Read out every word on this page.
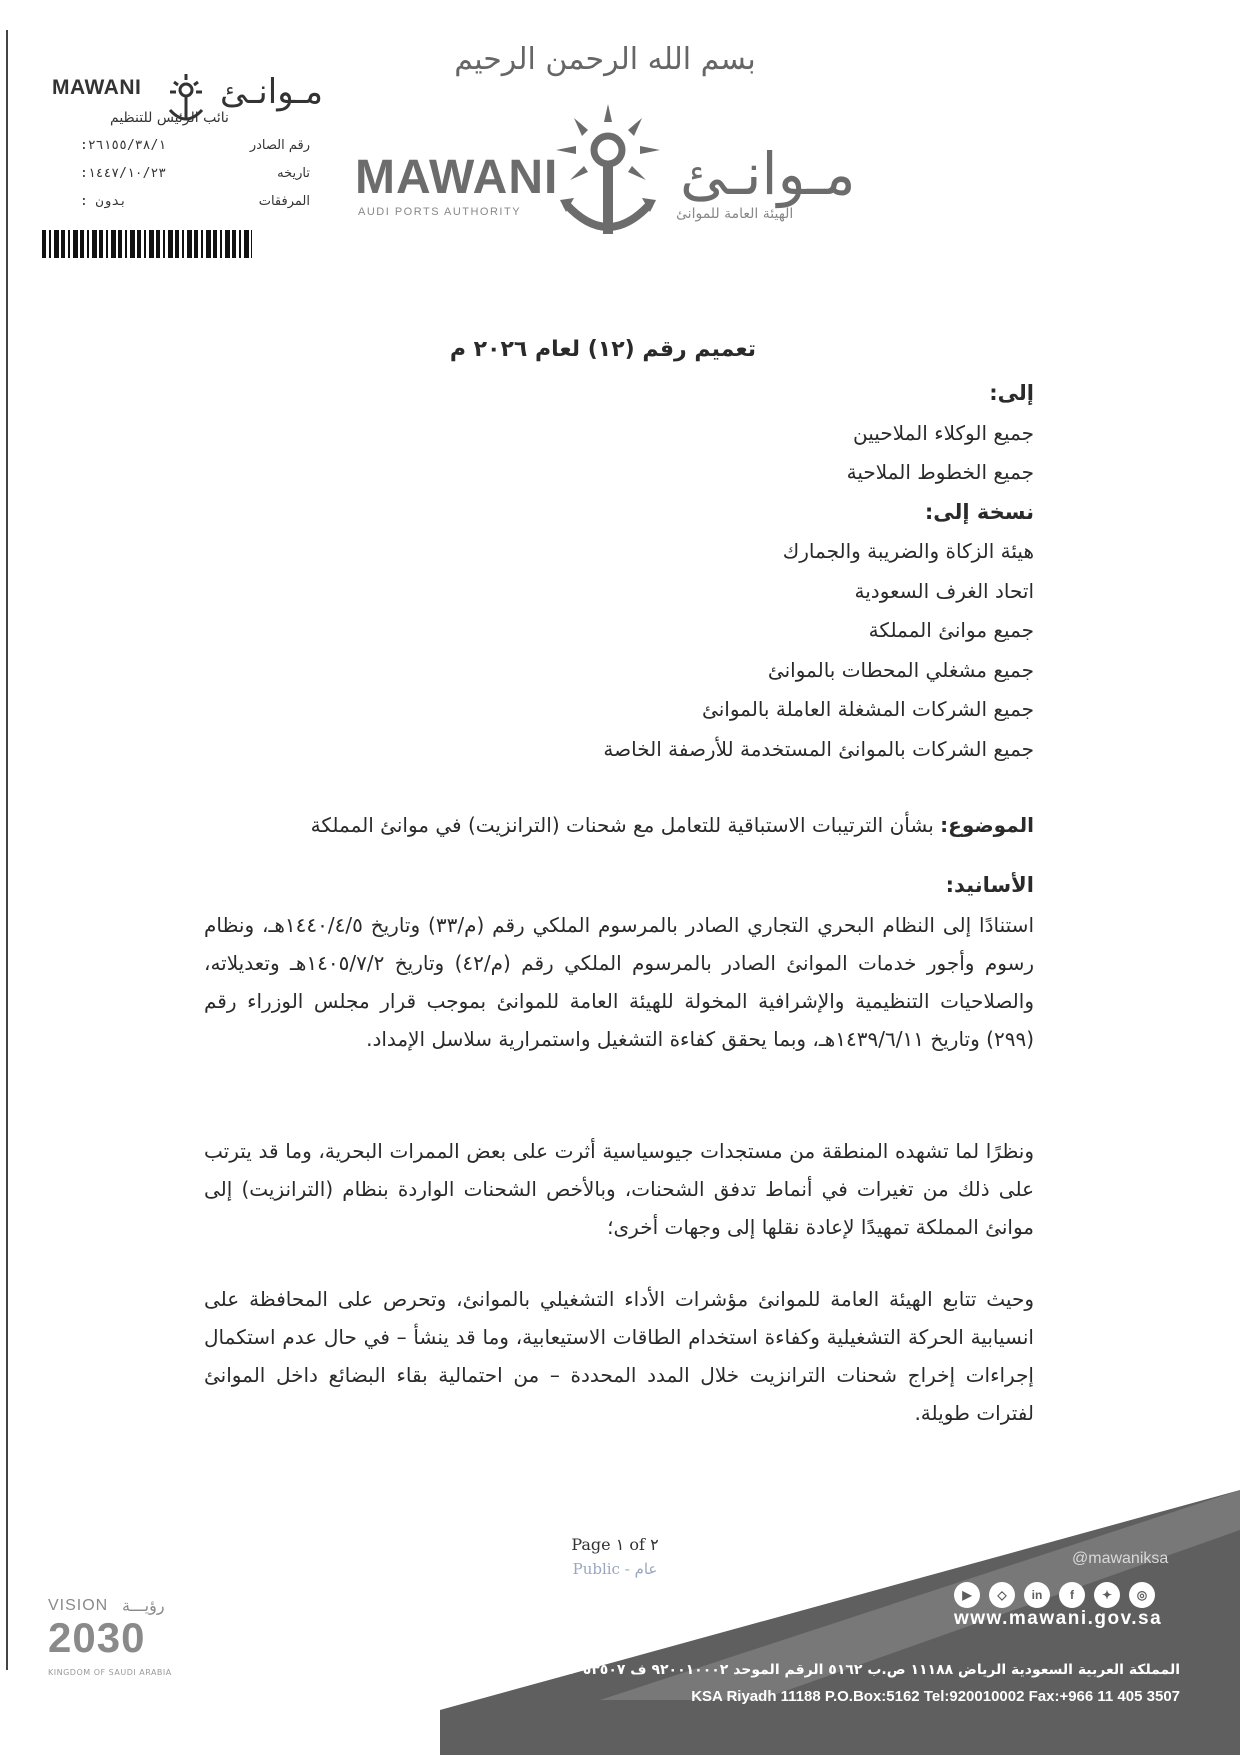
MAWANI مـوانـئ
نائب الرئيس للتنظيم
رقم الصادر
:٢٦١٥٥/٣٨/١
تاريخه
:١٤٤٧/١٠/٢٣
المرفقات
: بدون
بسم الله الرحمن الرحيم
MAWANI
AUDI PORTS AUTHORITY
مـوانـئ
الهيئة العامة للموانئ
تعميم رقم (١٢) لعام ٢٠٢٦ م
إلى:
جميع الوكلاء الملاحيين
جميع الخطوط الملاحية
نسخة إلى:
هيئة الزكاة والضريبة والجمارك
اتحاد الغرف السعودية
جميع موانئ المملكة
جميع مشغلي المحطات بالموانئ
جميع الشركات المشغلة العاملة بالموانئ
جميع الشركات بالموانئ المستخدمة للأرصفة الخاصة
الموضوع: بشأن الترتيبات الاستباقية للتعامل مع شحنات (الترانزيت) في موانئ المملكة
الأسانيد:
استنادًا إلى النظام البحري التجاري الصادر بالمرسوم الملكي رقم (م/٣٣) وتاريخ ١٤٤٠/٤/٥هـ، ونظام رسوم وأجور خدمات الموانئ الصادر بالمرسوم الملكي رقم (م/٤٢) وتاريخ ١٤٠٥/٧/٢هـ وتعديلاته، والصلاحيات التنظيمية والإشرافية المخولة للهيئة العامة للموانئ بموجب قرار مجلس الوزراء رقم (٢٩٩) وتاريخ ١٤٣٩/٦/١١هـ، وبما يحقق كفاءة التشغيل واستمرارية سلاسل الإمداد.
ونظرًا لما تشهده المنطقة من مستجدات جيوسياسية أثرت على بعض الممرات البحرية، وما قد يترتب على ذلك من تغيرات في أنماط تدفق الشحنات، وبالأخص الشحنات الواردة بنظام (الترانزيت) إلى موانئ المملكة تمهيدًا لإعادة نقلها إلى وجهات أخرى؛
وحيث تتابع الهيئة العامة للموانئ مؤشرات الأداء التشغيلي بالموانئ، وتحرص على المحافظة على انسيابية الحركة التشغيلية وكفاءة استخدام الطاقات الاستيعابية، وما قد ينشأ – في حال عدم استكمال إجراءات إخراج شحنات الترانزيت خلال المدد المحددة – من احتمالية بقاء البضائع داخل الموانئ لفترات طويلة.
Page ١ of ٢
Public - عام
VISION رؤيـــة
2030
KINGDOM OF SAUDI ARABIA
@mawaniksa
▶	◇	in	f	✦	◎
www.mawani.gov.sa
المملكة العربية السعودية الرياض ١١١٨٨ ص.ب ٥١٦٢ الرقم الموحد ٩٢٠٠١٠٠٠٢ ف ٩٦٦١١٤٠٥٣٥٠٧+
KSA Riyadh 11188 P.O.Box:5162 Tel:920010002 Fax:+966 11 405 3507
